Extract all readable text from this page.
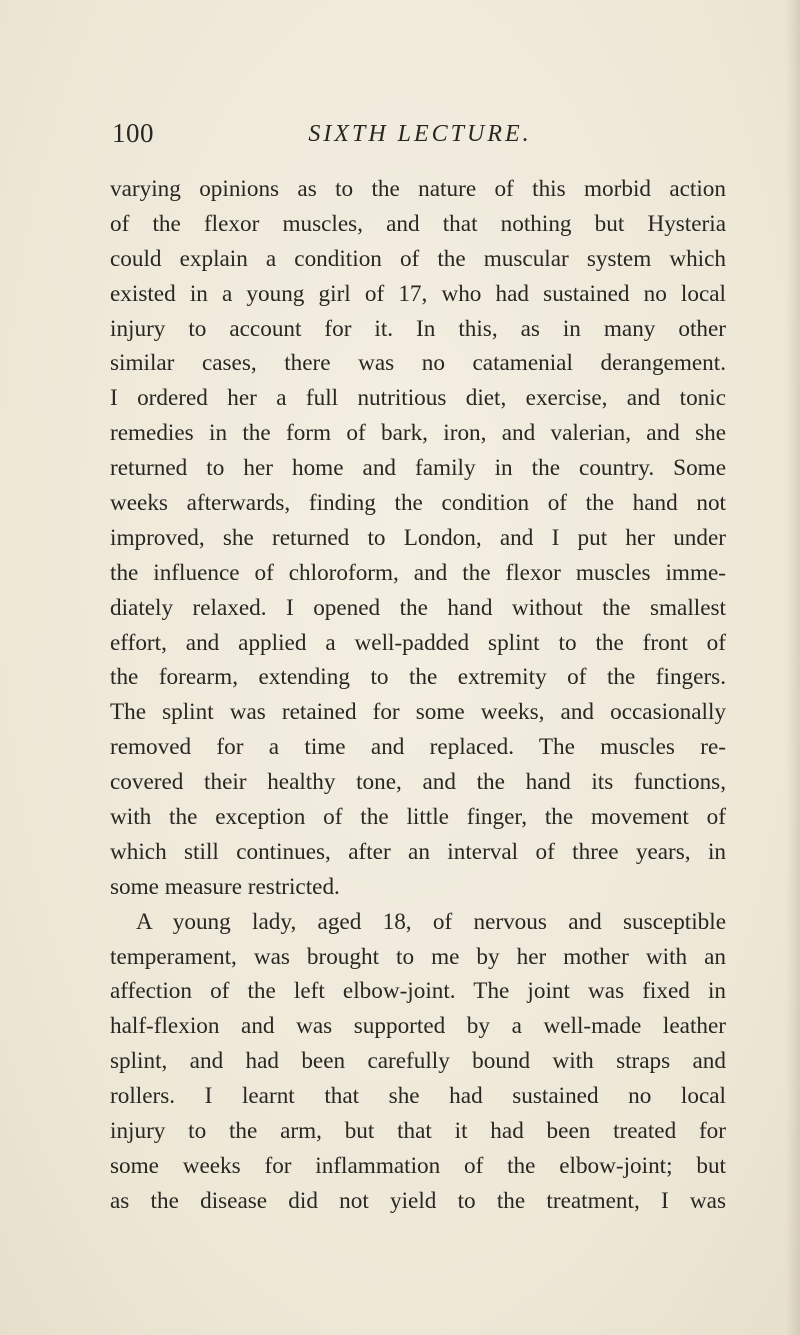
100	SIXTH LECTURE.
varying opinions as to the nature of this morbid action
of the flexor muscles, and that nothing but Hysteria
could explain a condition of the muscular system which
existed in a young girl of 17, who had sustained no local
injury to account for it. In this, as in many other
similar cases, there was no catamenial derangement.
I ordered her a full nutritious diet, exercise, and tonic
remedies in the form of bark, iron, and valerian, and she
returned to her home and family in the country. Some
weeks afterwards, finding the condition of the hand not
improved, she returned to London, and I put her under
the influence of chloroform, and the flexor muscles imme-
diately relaxed. I opened the hand without the smallest
effort, and applied a well-padded splint to the front of
the forearm, extending to the extremity of the fingers.
The splint was retained for some weeks, and occasionally
removed for a time and replaced. The muscles re-
covered their healthy tone, and the hand its functions,
with the exception of the little finger, the movement of
which still continues, after an interval of three years, in
some measure restricted.
A young lady, aged 18, of nervous and susceptible
temperament, was brought to me by her mother with an
affection of the left elbow-joint. The joint was fixed in
half-flexion and was supported by a well-made leather
splint, and had been carefully bound with straps and
rollers. I learnt that she had sustained no local
injury to the arm, but that it had been treated for
some weeks for inflammation of the elbow-joint; but
as the disease did not yield to the treatment, I was
